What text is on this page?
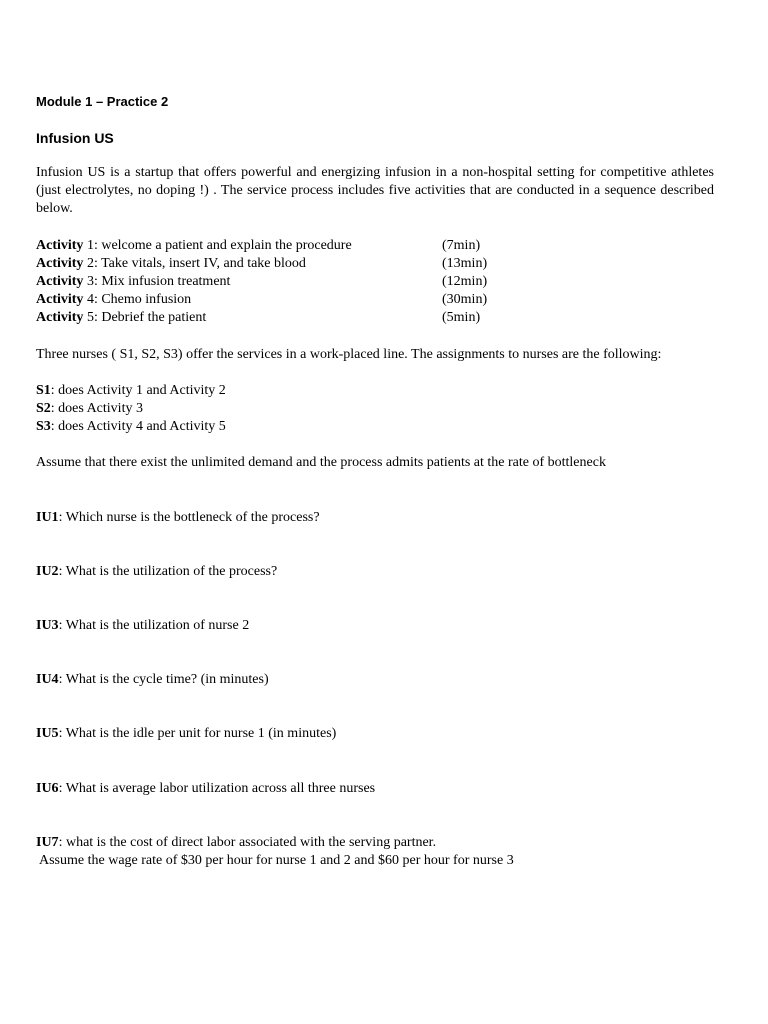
Module 1 – Practice 2
Infusion US

Infusion US is a startup that offers powerful and energizing infusion in a non-hospital setting for competitive athletes (just electrolytes, no doping !) . The service process includes five activities that are conducted in a sequence described below.

Activity 1: welcome a patient and explain the procedure	(7min)
Activity 2: Take vitals, insert IV, and take blood	(13min)
Activity 3: Mix infusion treatment	(12min)
Activity 4: Chemo infusion	(30min)
Activity 5: Debrief the patient	(5min)

Three nurses ( S1, S2, S3) offer the services in a work-placed line. The assignments to nurses are the following:

S1: does Activity 1 and Activity 2

S2: does Activity 3

S3: does Activity 4 and Activity 5

Assume that there exist the unlimited demand and the process admits patients at the rate of bottleneck

IU1: Which nurse is the bottleneck of the process?

IU2: What is the utilization of the process?

IU3: What is the utilization of nurse 2

IU4: What is the cycle time? (in minutes)

IU5: What is the idle per unit for nurse 1 (in minutes)

IU6: What is average labor utilization across all three nurses

IU7: what is the cost of direct labor associated with the serving partner.

Assume the wage rate of $30 per hour for nurse 1 and 2 and $60 per hour for nurse 3
